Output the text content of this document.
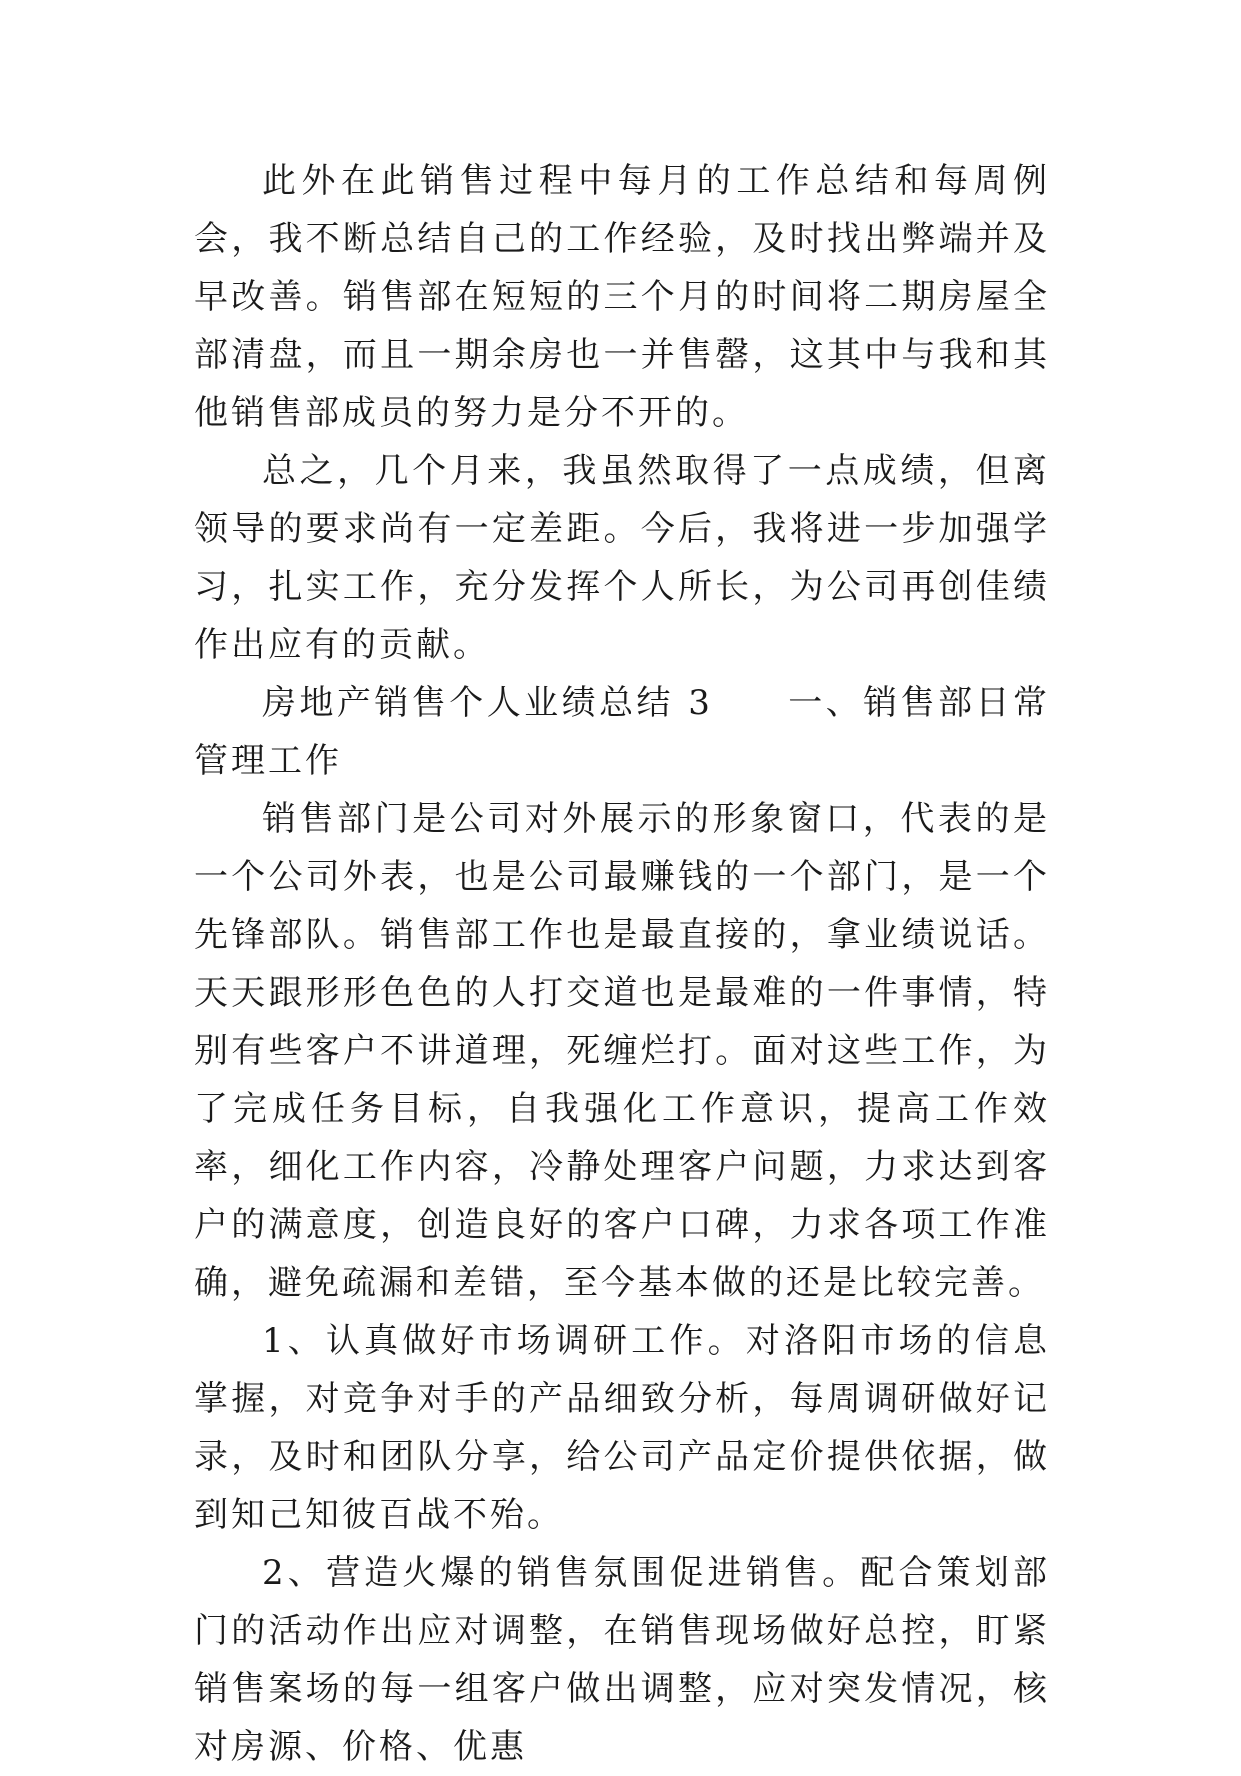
此外在此销售过程中每月的工作总结和每周例会，我不断总结自己的工作经验，及时找出弊端并及早改善。销售部在短短的三个月的时间将二期房屋全部清盘，而且一期余房也一并售罄，这其中与我和其他销售部成员的努力是分不开的。

总之，几个月来，我虽然取得了一点成绩，但离领导的要求尚有一定差距。今后，我将进一步加强学习，扎实工作，充分发挥个人所长，为公司再创佳绩作出应有的贡献。

房地产销售个人业绩总结 3　　一、销售部日常管理工作

销售部门是公司对外展示的形象窗口，代表的是一个公司外表，也是公司最赚钱的一个部门，是一个先锋部队。销售部工作也是最直接的，拿业绩说话。天天跟形形色色的人打交道也是最难的一件事情，特别有些客户不讲道理，死缠烂打。面对这些工作，为了完成任务目标，自我强化工作意识，提高工作效率，细化工作内容，冷静处理客户问题，力求达到客户的满意度，创造良好的客户口碑，力求各项工作准确，避免疏漏和差错，至今基本做的还是比较完善。

1、认真做好市场调研工作。对洛阳市场的信息掌握，对竞争对手的产品细致分析，每周调研做好记录，及时和团队分享，给公司产品定价提供依据，做到知己知彼百战不殆。

2、营造火爆的销售氛围促进销售。配合策划部门的活动作出应对调整，在销售现场做好总控，盯紧销售案场的每一组客户做出调整，应对突发情况，核对房源、价格、优惠
